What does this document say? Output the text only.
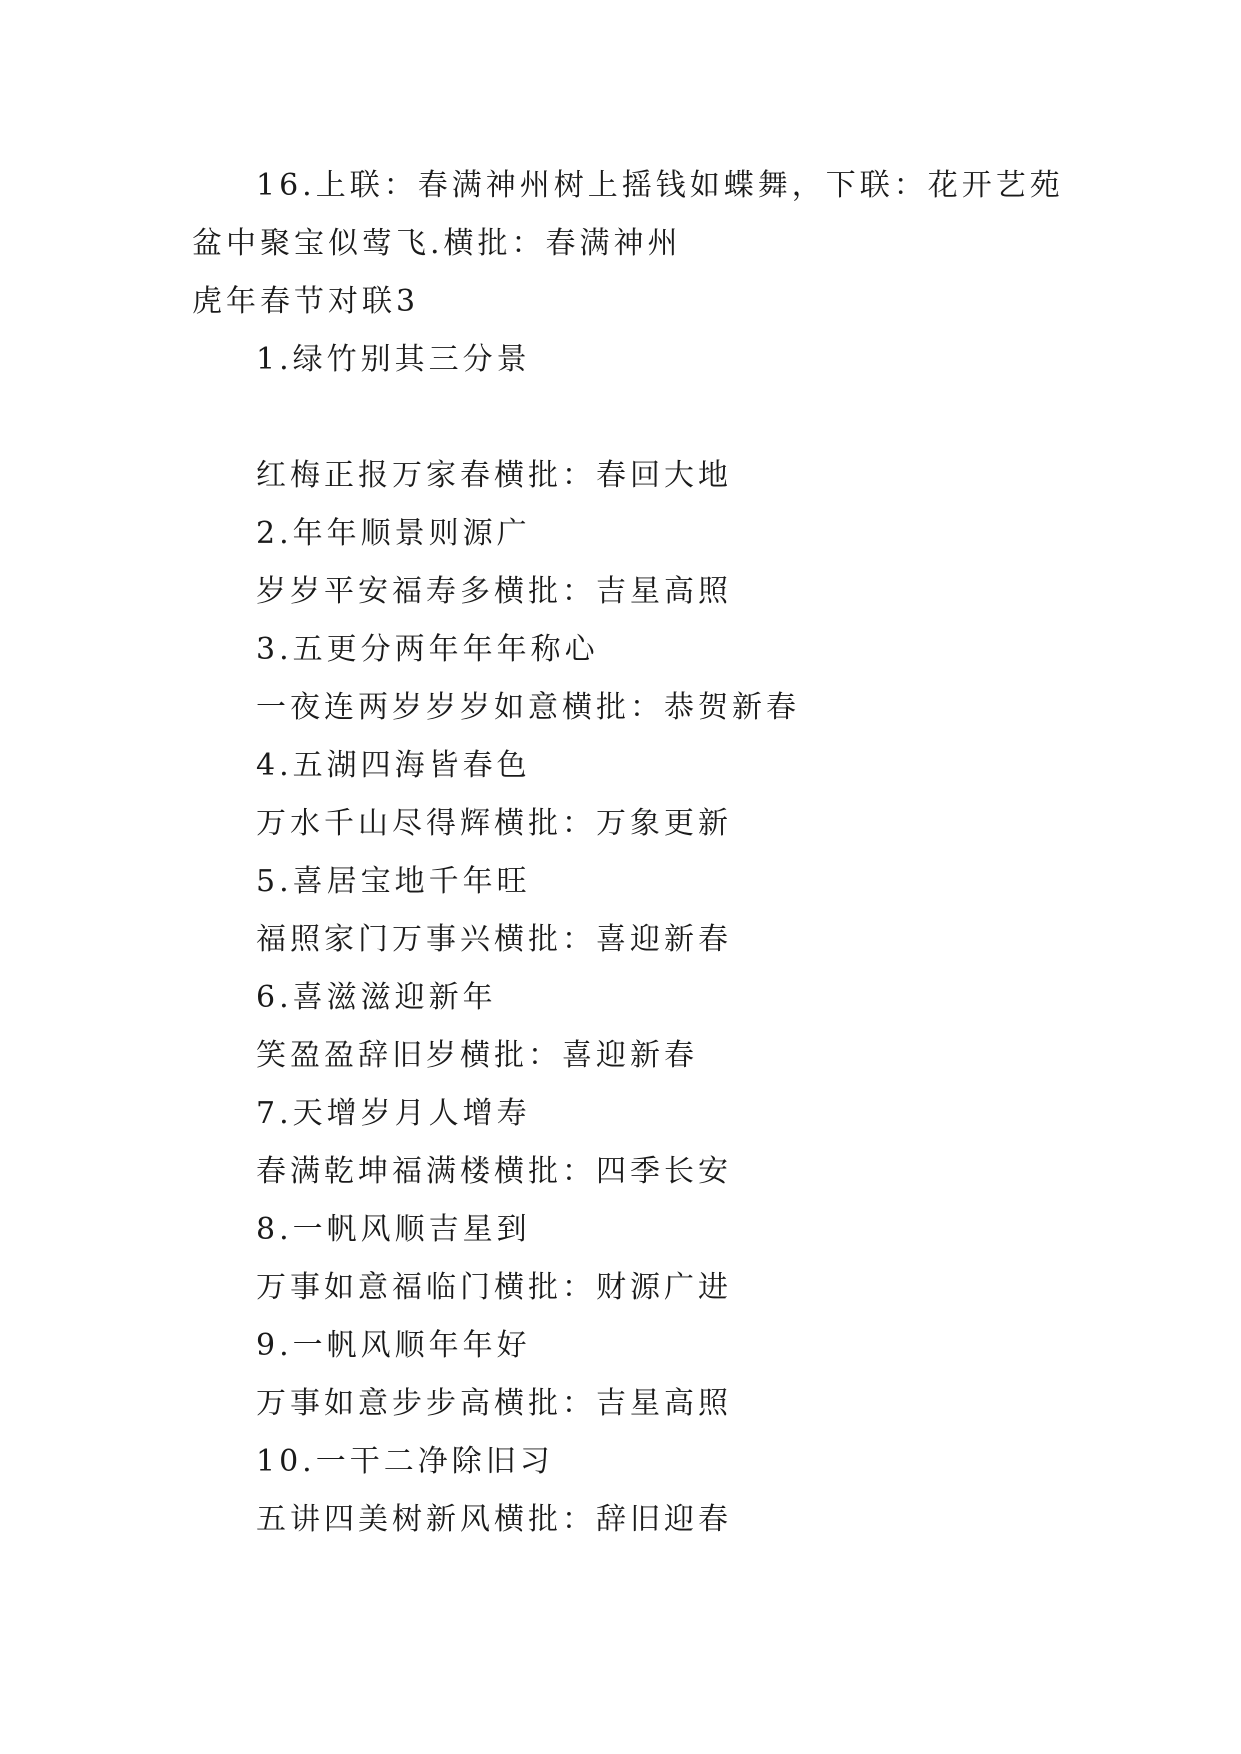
16.上联：春满神州树上摇钱如蝶舞，下联：花开艺苑
盆中聚宝似莺飞.横批：春满神州
虎年春节对联3
1.绿竹别其三分景
红梅正报万家春横批：春回大地
2.年年顺景则源广
岁岁平安福寿多横批：吉星高照
3.五更分两年年年称心
一夜连两岁岁岁如意横批：恭贺新春
4.五湖四海皆春色
万水千山尽得辉横批：万象更新
5.喜居宝地千年旺
福照家门万事兴横批：喜迎新春
6.喜滋滋迎新年
笑盈盈辞旧岁横批：喜迎新春
7.天增岁月人增寿
春满乾坤福满楼横批：四季长安
8.一帆风顺吉星到
万事如意福临门横批：财源广进
9.一帆风顺年年好
万事如意步步高横批：吉星高照
10.一干二净除旧习
五讲四美树新风横批：辞旧迎春
